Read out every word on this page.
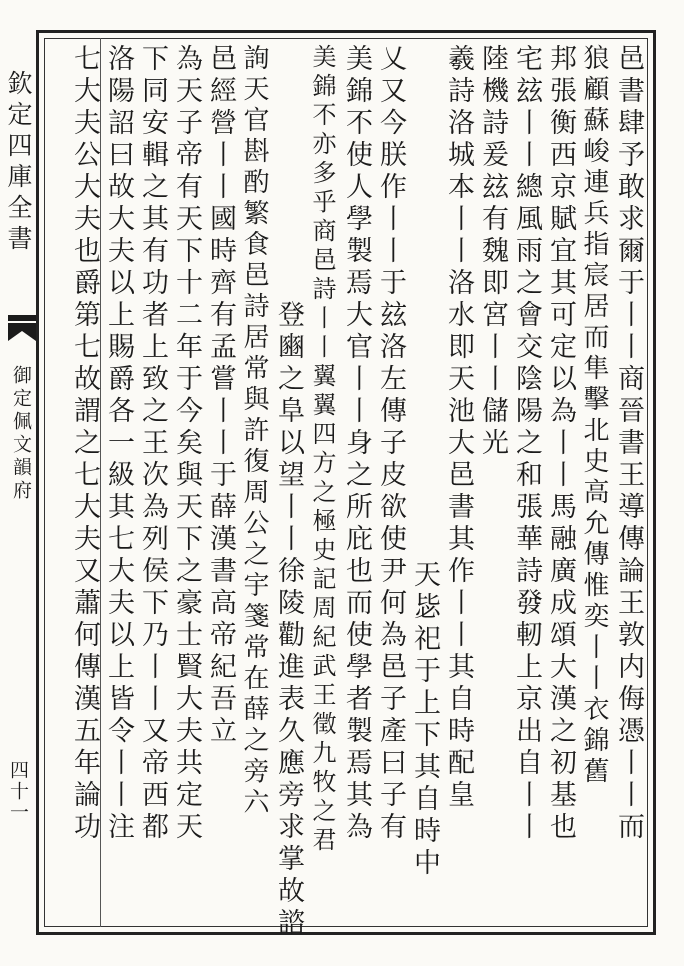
欽定四庫全書
御定佩文韻府
四十一	邑書肆予敢求爾于丨丨商晉書王導傳論王敦内侮憑丨丨而
狼顧蘇峻連兵指宸居而隼擊北史高允傳惟奕丨丨衣錦舊
邦張衡西京賦宜其可定以為丨丨馬融廣成頌大漢之初基也
宅玆丨丨總風雨之會交陰陽之和張華詩發軔上京出自丨丨
陸機詩爰玆有魏即宮丨丨儲光
羲詩洛城本丨丨洛水即天池大邑書其作丨丨其自時配皇
天毖祀于上下其自時中
乂又今朕作丨丨于玆洛左傳子皮欲使尹何為邑子產曰子有
美錦不使人學製焉大官丨丨身之所庇也而使學者製焉其為
美錦不亦多乎商邑詩丨丨翼翼四方之極史記周紀武王徵九牧之君
登豳之阜以望丨丨徐陵勸進表久應旁求掌故諮
詢天官斟酌繁食邑詩居常與許復周公之宇箋常在薛之旁六
邑經營丨丨國時齊有孟嘗丨丨于薛漢書高帝紀吾立
為天子帝有天下十二年于今矣與天下之豪士賢大夫共定天
下同安輯之其有功者上致之王次為列侯下乃丨丨又帝西都
洛陽詔曰故大夫以上賜爵各一級其七大夫以上皆令丨丨注
七大夫公大夫也爵第七故謂之七大夫又蕭何傳漢五年論功
